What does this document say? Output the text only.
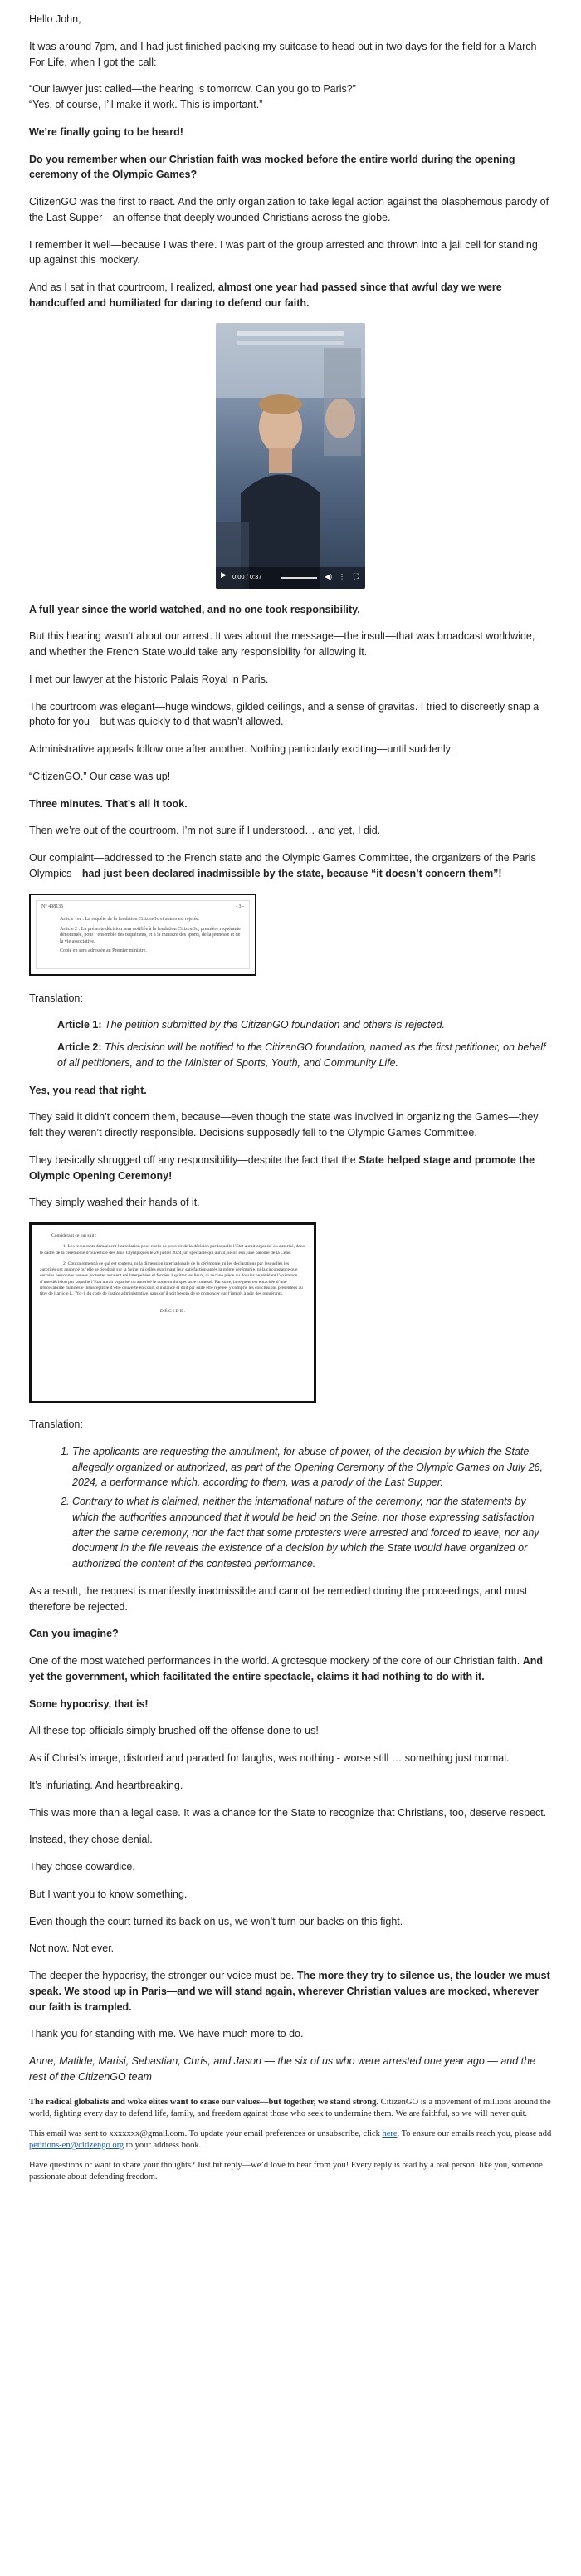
Hello John,

It was around 7pm, and I had just finished packing my suitcase to head out in two days for the field for a March For Life, when I got the call:

“Our lawyer just called—the hearing is tomorrow. Can you go to Paris?”

“Yes, of course, I’ll make it work. This is important.”

We’re finally going to be heard!

Do you remember when our Christian faith was mocked before the entire world during the opening ceremony of the Olympic Games?

CitizenGO was the first to react. And the only organization to take legal action against the blasphemous parody of the Last Supper—an offense that deeply wounded Christians across the globe.

I remember it well—because I was there. I was part of the group arrested and thrown into a jail cell for standing up against this mockery.

And as I sat in that courtroom, I realized, almost one year had passed since that awful day we were handcuffed and humiliated for daring to defend our faith.

▶ 0:00 / 0:37	◀) ⋮ ⛶

A full year since the world watched, and no one took responsibility.

But this hearing wasn’t about our arrest. It was about the message—the insult—that was broadcast worldwide, and whether the French State would take any responsibility for allowing it.

I met our lawyer at the historic Palais Royal in Paris.

The courtroom was elegant—huge windows, gilded ceilings, and a sense of gravitas. I tried to discreetly snap a photo for you—but was quickly told that wasn’t allowed.

Administrative appeals follow one after another. Nothing particularly exciting—until suddenly:

“CitizenGO.” Our case was up!

Three minutes. That’s all it took.

Then we’re out of the courtroom. I’m not sure if I understood… and yet, I did.

Our complaint—addressed to the French state and the Olympic Games Committee, the organizers of the Paris Olympics—had just been declared inadmissible by the state, because “it doesn’t concern them”!

N° 498136	- 3 -
Article 1er : La requête de la fondation CitizenGo et autres est rejetée.
Article 2 : La présente décision sera notifiée à la fondation CitizenGo, première requérante dénommée, pour l’ensemble des requérants, et à la ministre des sports, de la jeunesse et de la vie associative.
Copie en sera adressée au Premier ministre.

Translation:

Article 1: The petition submitted by the CitizenGO foundation and others is rejected.

Article 2: This decision will be notified to the CitizenGO foundation, named as the first petitioner, on behalf of all petitioners, and to the Minister of Sports, Youth, and Community Life.

Yes, you read that right.

They said it didn’t concern them, because—even though the state was involved in organizing the Games—they felt they weren’t directly responsible. Decisions supposedly fell to the Olympic Games Committee.

They basically shrugged off any responsibility—despite the fact that the State helped stage and promote the Olympic Opening Ceremony!

They simply washed their hands of it.

Considérant ce qui suit :
1. Les requérants demandent l’annulation pour excès de pouvoir de la décision par laquelle l’Etat aurait organisé ou autorisé, dans le cadre de la cérémonie d’ouverture des Jeux Olympiques le 26 juillet 2024, un spectacle qui aurait, selon eux, une parodie de la Cène.
2. Contrairement à ce qui est soutenu, ni la dimension internationale de la cérémonie, ni les déclarations par lesquelles les autorités ont annoncé qu’elle se tiendrait sur la Seine, ni celles exprimant leur satisfaction après la même cérémonie, ni la circonstance que certains personnes venues protester auraient été interpellées et forcées à quitter les lieux, ni aucune pièce du dossier ne révèlent l’existence d’une décision par laquelle l’Etat aurait organisé ou autorisé le contenu du spectacle contesté. Par suite, la requête est entachée d’une irrecevabilité manifeste insusceptible d’être couverte en cours d’instance et doit par suite être rejetée, y compris les conclusions présentées au titre de l’article L. 761-1 du code de justice administrative, sans qu’il soit besoin de se prononcer sur l’intérêt à agir des requérants.
D É C I D E :

Translation:

1. The applicants are requesting the annulment, for abuse of power, of the decision by which the State allegedly organized or authorized, as part of the Opening Ceremony of the Olympic Games on July 26, 2024, a performance which, according to them, was a parody of the Last Supper.
2. Contrary to what is claimed, neither the international nature of the ceremony, nor the statements by which the authorities announced that it would be held on the Seine, nor those expressing satisfaction after the same ceremony, nor the fact that some protesters were arrested and forced to leave, nor any document in the file reveals the existence of a decision by which the State would have organized or authorized the content of the contested performance.

As a result, the request is manifestly inadmissible and cannot be remedied during the proceedings, and must therefore be rejected.

Can you imagine?

One of the most watched performances in the world. A grotesque mockery of the core of our Christian faith. And yet the government, which facilitated the entire spectacle, claims it had nothing to do with it.

Some hypocrisy, that is!

All these top officials simply brushed off the offense done to us!

As if Christ’s image, distorted and paraded for laughs, was nothing - worse still … something just normal.

It’s infuriating. And heartbreaking.

This was more than a legal case. It was a chance for the State to recognize that Christians, too, deserve respect.

Instead, they chose denial.

They chose cowardice.

But I want you to know something.

Even though the court turned its back on us, we won’t turn our backs on this fight.

Not now. Not ever.

The deeper the hypocrisy, the stronger our voice must be. The more they try to silence us, the louder we must speak. We stood up in Paris—and we will stand again, wherever Christian values are mocked, wherever our faith is trampled.

Thank you for standing with me. We have much more to do.

Anne, Matilde, Marisi, Sebastian, Chris, and Jason — the six of us who were arrested one year ago — and the rest of the CitizenGO team

The radical globalists and woke elites want to erase our values—but together, we stand strong. CitizenGO is a movement of millions around the world, fighting every day to defend life, family, and freedom against those who seek to undermine them. We are faithful, so we will never quit.

This email was sent to xxxxxxx@gmail.com. To update your email preferences or unsubscribe, click here. To ensure our emails reach you, please add petitions-en@citizengo.org to your address book.

Have questions or want to share your thoughts? Just hit reply—we’d love to hear from you! Every reply is read by a real person. like you, someone passionate about defending freedom.
